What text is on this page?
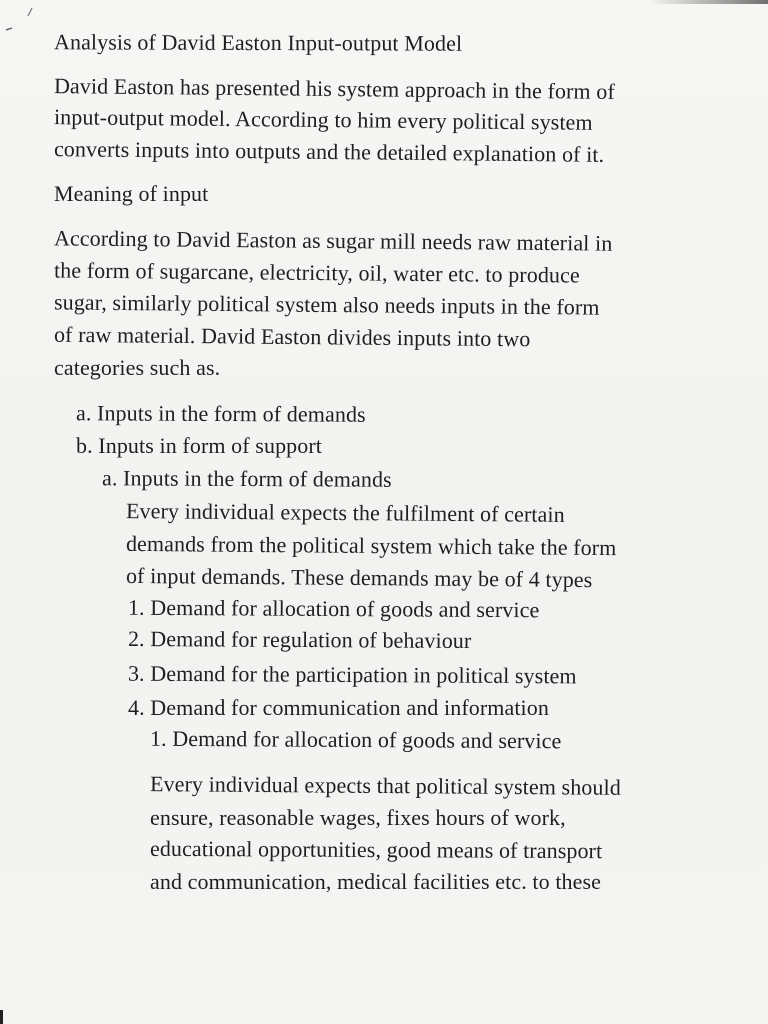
Analysis of David Easton Input-output Model
David Easton has presented his system approach in the form of
input-output model. According to him every political system
converts inputs into outputs and the detailed explanation of it.
Meaning of input
According to David Easton as sugar mill needs raw material in
the form of sugarcane, electricity, oil, water etc. to produce
sugar, similarly political system also needs inputs in the form
of raw material. David Easton divides inputs into two
categories such as.
a. Inputs in the form of demands
b. Inputs in form of support
a. Inputs in the form of demands
Every individual expects the fulfilment of certain
demands from the political system which take the form
of input demands. These demands may be of 4 types
1. Demand for allocation of goods and service
2. Demand for regulation of behaviour
3. Demand for the participation in political system
4. Demand for communication and information
1. Demand for allocation of goods and service
Every individual expects that political system should
ensure, reasonable wages, fixes hours of work,
educational opportunities, good means of transport
and communication, medical facilities etc. to these
